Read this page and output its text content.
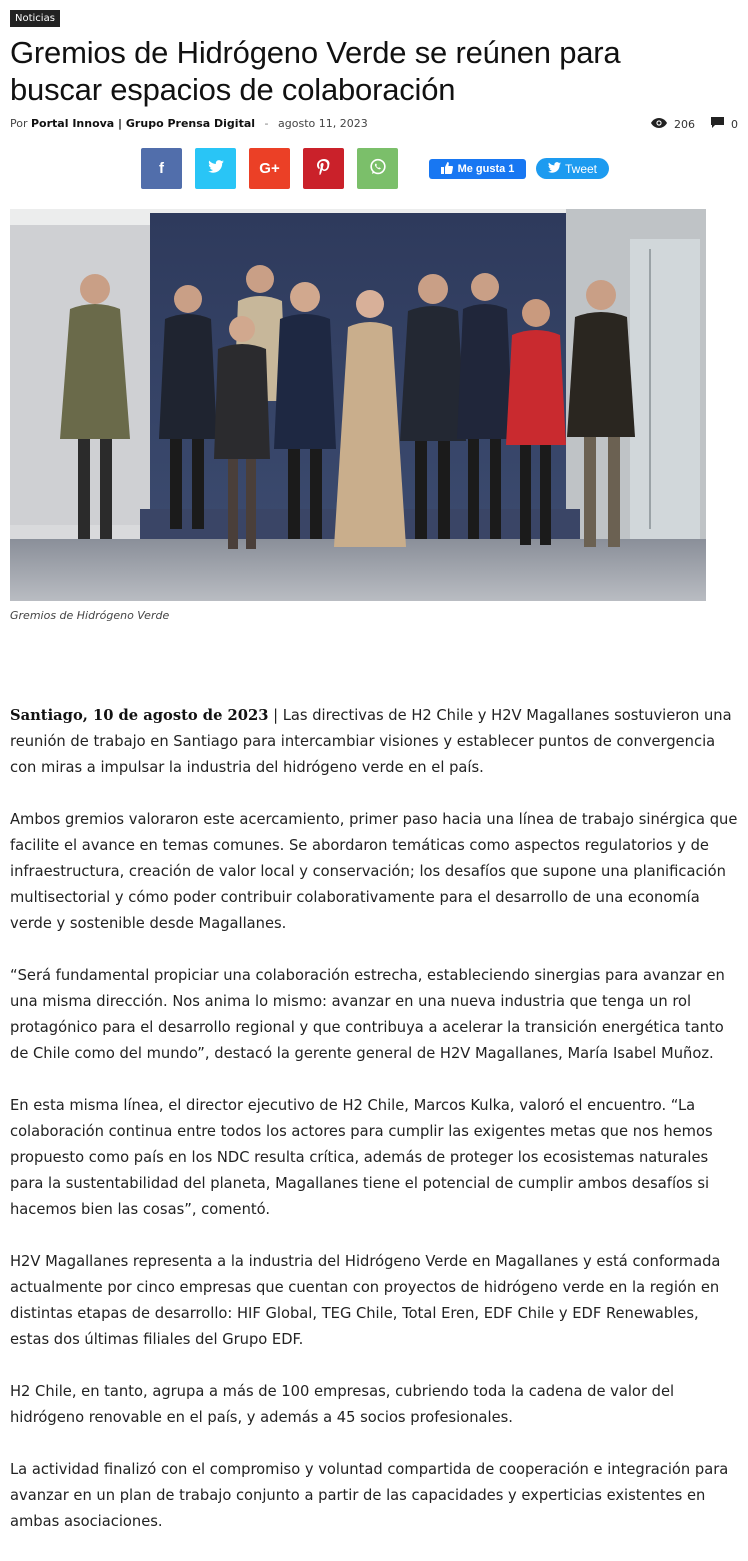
Noticias
Gremios de Hidrógeno Verde se reúnen para buscar espacios de colaboración
Por Portal Innova | Grupo Prensa Digital - agosto 11, 2023	206	0
f	G+	Me gusta 1	Tweet
Gremios de Hidrógeno Verde

Santiago, 10 de agosto de 2023 | Las directivas de H2 Chile y H2V Magallanes sostuvieron una reunión de trabajo en Santiago para intercambiar visiones y establecer puntos de convergencia con miras a impulsar la industria del hidrógeno verde en el país.

Ambos gremios valoraron este acercamiento, primer paso hacia una línea de trabajo sinérgica que facilite el avance en temas comunes. Se abordaron temáticas como aspectos regulatorios y de infraestructura, creación de valor local y conservación; los desafíos que supone una planificación multisectorial y cómo poder contribuir colaborativamente para el desarrollo de una economía verde y sostenible desde Magallanes.

“Será fundamental propiciar una colaboración estrecha, estableciendo sinergias para avanzar en una misma dirección. Nos anima lo mismo: avanzar en una nueva industria que tenga un rol protagónico para el desarrollo regional y que contribuya a acelerar la transición energética tanto de Chile como del mundo”, destacó la gerente general de H2V Magallanes, María Isabel Muñoz.

En esta misma línea, el director ejecutivo de H2 Chile, Marcos Kulka, valoró el encuentro. “La colaboración continua entre todos los actores para cumplir las exigentes metas que nos hemos propuesto como país en los NDC resulta crítica, además de proteger los ecosistemas naturales para la sustentabilidad del planeta, Magallanes tiene el potencial de cumplir ambos desafíos si hacemos bien las cosas”, comentó.

H2V Magallanes representa a la industria del Hidrógeno Verde en Magallanes y está conformada actualmente por cinco empresas que cuentan con proyectos de hidrógeno verde en la región en distintas etapas de desarrollo: HIF Global, TEG Chile, Total Eren, EDF Chile y EDF Renewables, estas dos últimas filiales del Grupo EDF.

H2 Chile, en tanto, agrupa a más de 100 empresas, cubriendo toda la cadena de valor del hidrógeno renovable en el país, y además a 45 socios profesionales.

La actividad finalizó con el compromiso y voluntad compartida de cooperación e integración para avanzar en un plan de trabajo conjunto a partir de las capacidades y experticias existentes en ambas asociaciones.
